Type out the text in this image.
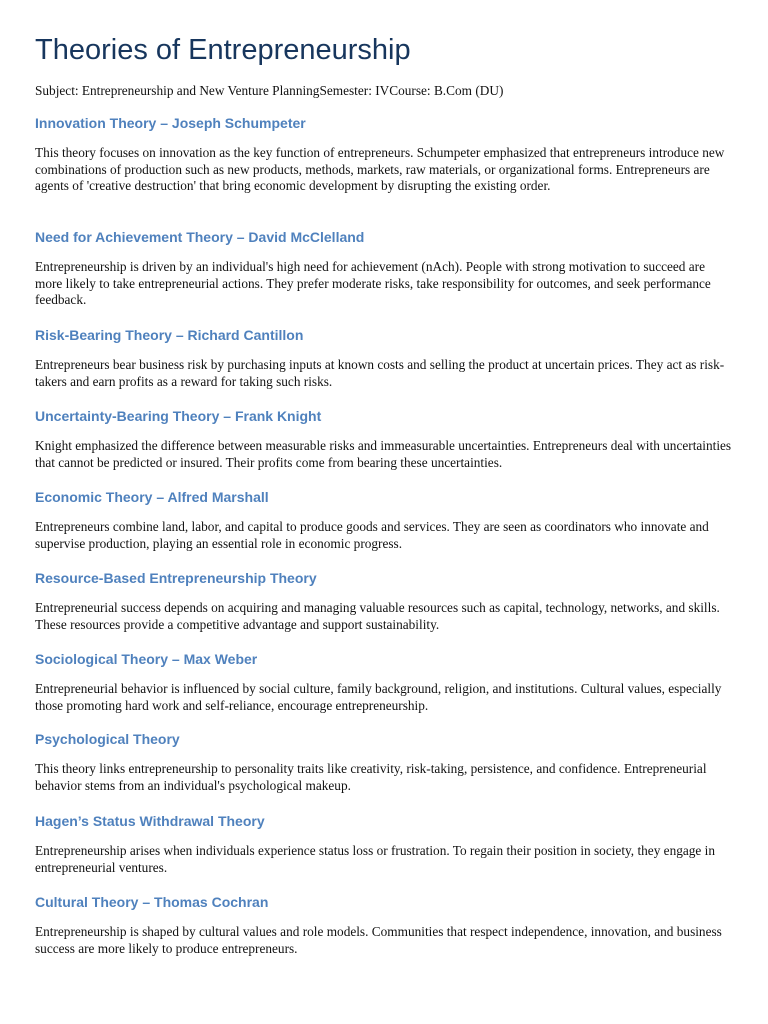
Theories of Entrepreneurship

Subject: Entrepreneurship and New Venture PlanningSemester: IVCourse: B.Com (DU)

Innovation Theory – Joseph Schumpeter

This theory focuses on innovation as the key function of entrepreneurs. Schumpeter emphasized that entrepreneurs introduce new combinations of production such as new products, methods, markets, raw materials, or organizational forms. Entrepreneurs are agents of 'creative destruction' that bring economic development by disrupting the existing order.

Need for Achievement Theory – David McClelland

Entrepreneurship is driven by an individual's high need for achievement (nAch). People with strong motivation to succeed are more likely to take entrepreneurial actions. They prefer moderate risks, take responsibility for outcomes, and seek performance feedback.

Risk-Bearing Theory – Richard Cantillon

Entrepreneurs bear business risk by purchasing inputs at known costs and selling the product at uncertain prices. They act as risk-takers and earn profits as a reward for taking such risks.

Uncertainty-Bearing Theory – Frank Knight

Knight emphasized the difference between measurable risks and immeasurable uncertainties. Entrepreneurs deal with uncertainties that cannot be predicted or insured. Their profits come from bearing these uncertainties.

Economic Theory – Alfred Marshall

Entrepreneurs combine land, labor, and capital to produce goods and services. They are seen as coordinators who innovate and supervise production, playing an essential role in economic progress.

Resource-Based Entrepreneurship Theory

Entrepreneurial success depends on acquiring and managing valuable resources such as capital, technology, networks, and skills. These resources provide a competitive advantage and support sustainability.

Sociological Theory – Max Weber

Entrepreneurial behavior is influenced by social culture, family background, religion, and institutions. Cultural values, especially those promoting hard work and self-reliance, encourage entrepreneurship.

Psychological Theory

This theory links entrepreneurship to personality traits like creativity, risk-taking, persistence, and confidence. Entrepreneurial behavior stems from an individual's psychological makeup.

Hagen’s Status Withdrawal Theory

Entrepreneurship arises when individuals experience status loss or frustration. To regain their position in society, they engage in entrepreneurial ventures.

Cultural Theory – Thomas Cochran

Entrepreneurship is shaped by cultural values and role models. Communities that respect independence, innovation, and business success are more likely to produce entrepreneurs.
